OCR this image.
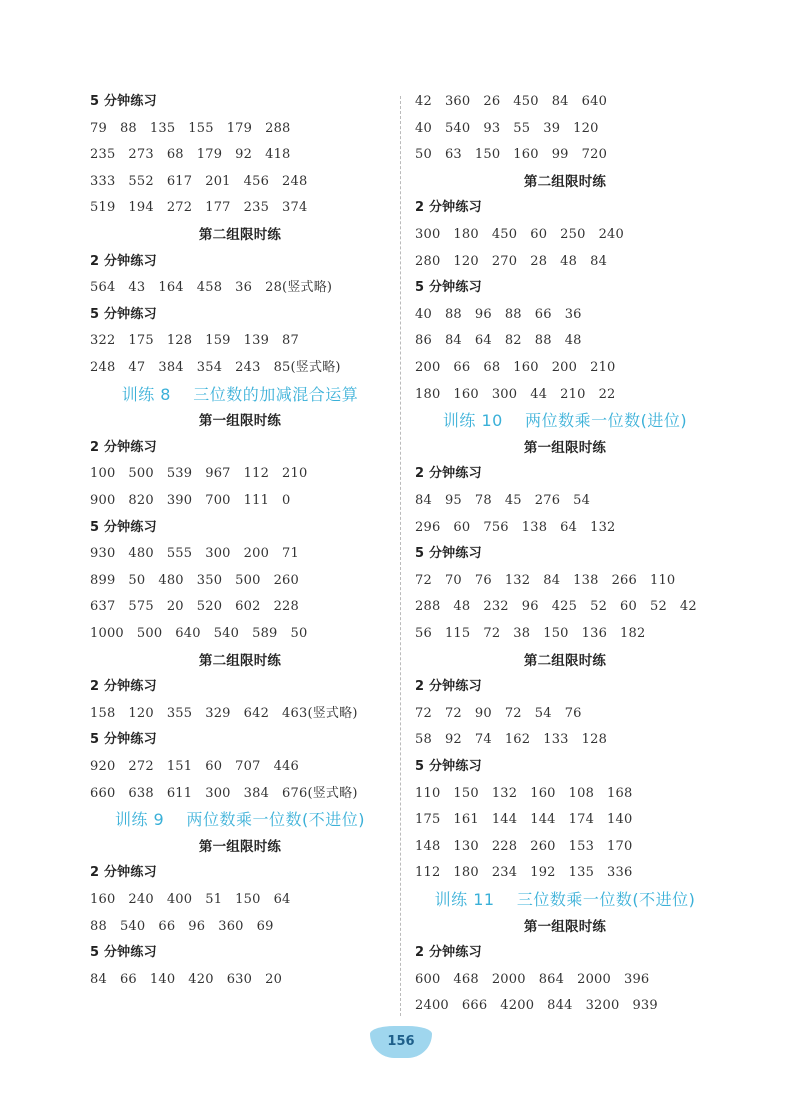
5 分钟练习
79   88   135   155   179   288
235   273   68   179   92   418
333   552   617   201   456   248
519   194   272   177   235   374
第二组限时练
2 分钟练习
564   43   164   458   36   28(竖式略)
5 分钟练习
322   175   128   159   139   87
248   47   384   354   243   85(竖式略)
训练 8    三位数的加减混合运算
第一组限时练
2 分钟练习
100   500   539   967   112   210
900   820   390   700   111   0
5 分钟练习
930   480   555   300   200   71
899   50   480   350   500   260
637   575   20   520   602   228
1000   500   640   540   589   50
第二组限时练
2 分钟练习
158   120   355   329   642   463(竖式略)
5 分钟练习
920   272   151   60   707   446
660   638   611   300   384   676(竖式略)
训练 9    两位数乘一位数(不进位)
第一组限时练
2 分钟练习
160   240   400   51   150   64
88   540   66   96   360   69
5 分钟练习
84   66   140   420   630   20
42   360   26   450   84   640
40   540   93   55   39   120
50   63   150   160   99   720
第二组限时练
2 分钟练习
300   180   450   60   250   240
280   120   270   28   48   84
5 分钟练习
40   88   96   88   66   36
86   84   64   82   88   48
200   66   68   160   200   210
180   160   300   44   210   22
训练 10    两位数乘一位数(进位)
第一组限时练
2 分钟练习
84   95   78   45   276   54
296   60   756   138   64   132
5 分钟练习
72   70   76   132   84   138   266   110
288   48   232   96   425   52   60   52   42
56   115   72   38   150   136   182
第二组限时练
2 分钟练习
72   72   90   72   54   76
58   92   74   162   133   128
5 分钟练习
110   150   132   160   108   168
175   161   144   144   174   140
148   130   228   260   153   170
112   180   234   192   135   336
训练 11    三位数乘一位数(不进位)
第一组限时练
2 分钟练习
600   468   2000   864   2000   396
2400   666   4200   844   3200   939
156
